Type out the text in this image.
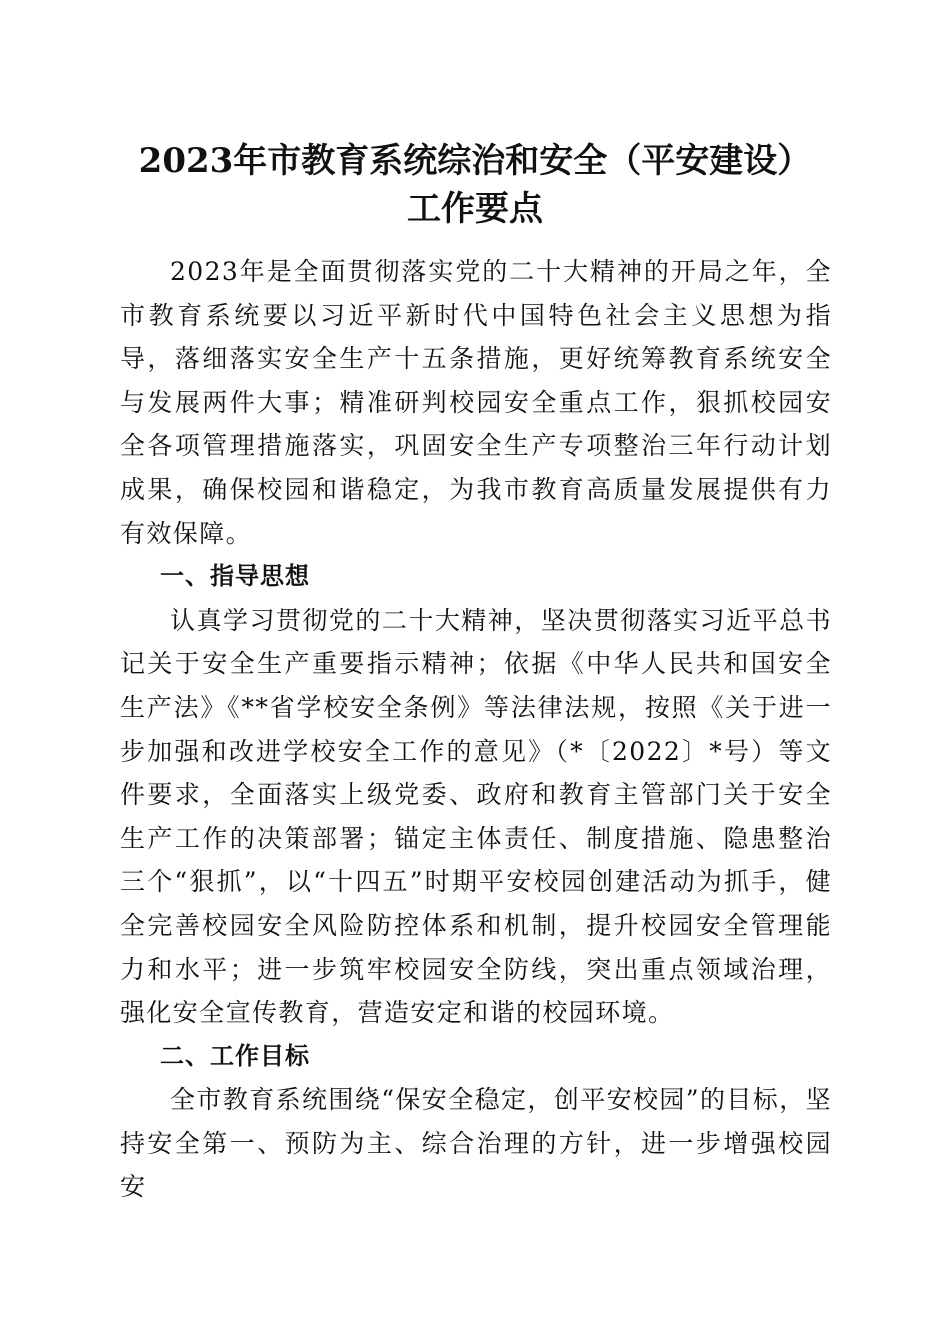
2023年市教育系统综治和安全（平安建设）
工作要点

2023年是全面贯彻落实党的二十大精神的开局之年，全市教育系统要以习近平新时代中国特色社会主义思想为指导，落细落实安全生产十五条措施，更好统筹教育系统安全与发展两件大事；精准研判校园安全重点工作，狠抓校园安全各项管理措施落实，巩固安全生产专项整治三年行动计划成果，确保校园和谐稳定，为我市教育高质量发展提供有力有效保障。

一、指导思想

认真学习贯彻党的二十大精神，坚决贯彻落实习近平总书记关于安全生产重要指示精神；依据《中华人民共和国安全生产法》《**省学校安全条例》等法律法规，按照《关于进一步加强和改进学校安全工作的意见》（*〔2022〕*号）等文件要求，全面落实上级党委、政府和教育主管部门关于安全生产工作的决策部署；锚定主体责任、制度措施、隐患整治三个“狠抓”，以“十四五”时期平安校园创建活动为抓手，健全完善校园安全风险防控体系和机制，提升校园安全管理能力和水平；进一步筑牢校园安全防线，突出重点领域治理，强化安全宣传教育，营造安定和谐的校园环境。

二、工作目标

全市教育系统围绕“保安全稳定，创平安校园”的目标，坚持安全第一、预防为主、综合治理的方针，进一步增强校园安
